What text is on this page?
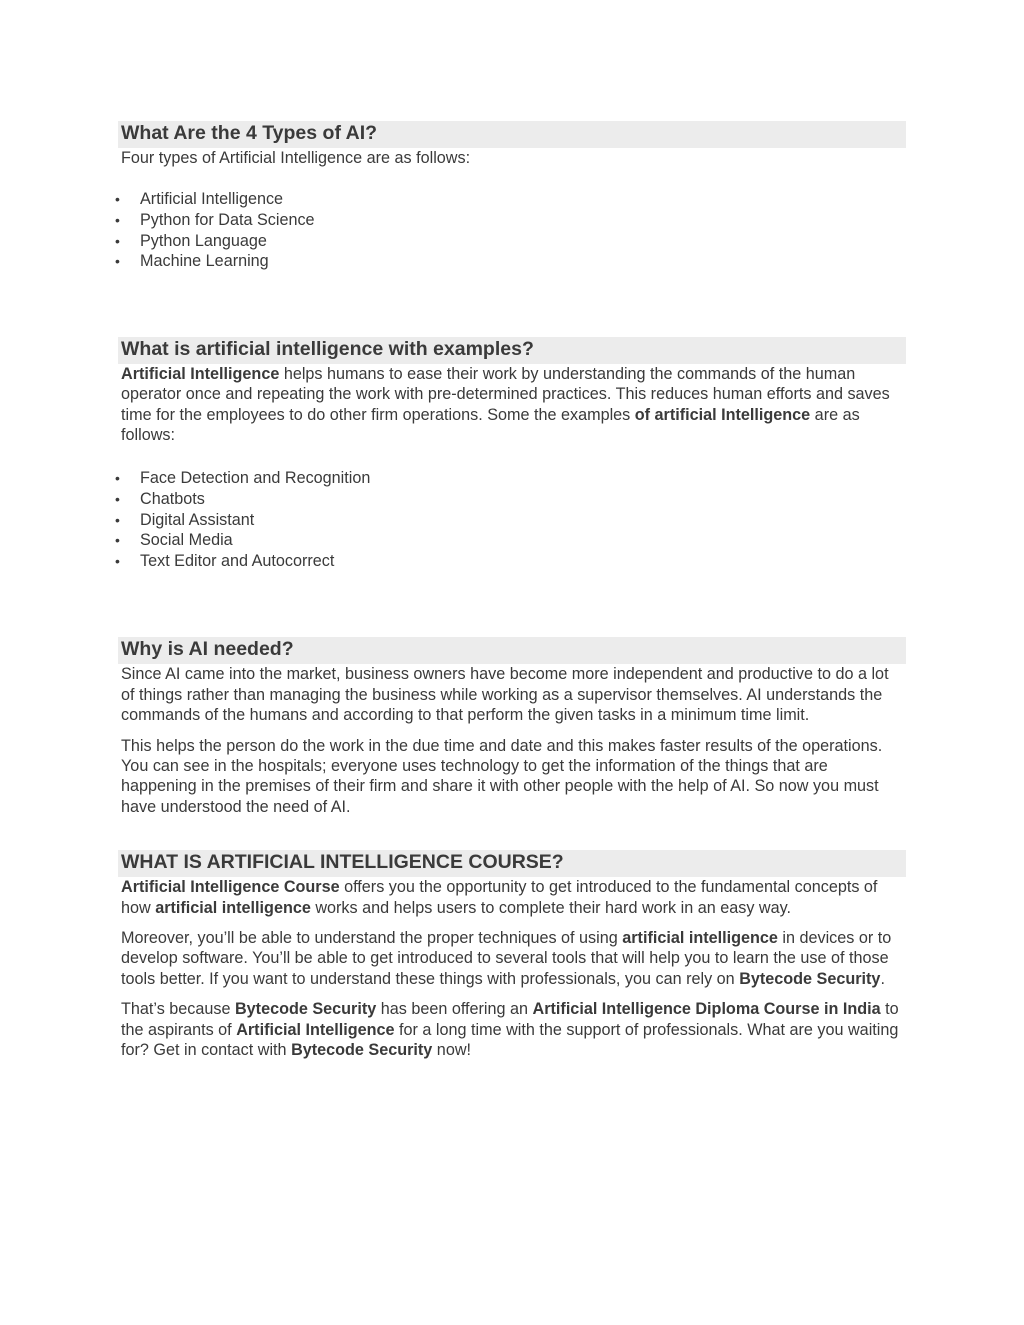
What Are the 4 Types of AI?

Four types of Artificial Intelligence are as follows:

• Artificial Intelligence
• Python for Data Science
• Python Language
• Machine Learning
What is artificial intelligence with examples?

Artificial Intelligence helps humans to ease their work by understanding the commands of the human operator once and repeating the work with pre-determined practices. This reduces human efforts and saves time for the employees to do other firm operations. Some the examples of artificial Intelligence are as follows:

• Face Detection and Recognition
• Chatbots
• Digital Assistant
• Social Media
• Text Editor and Autocorrect
Why is AI needed?

Since AI came into the market, business owners have become more independent and productive to do a lot of things rather than managing the business while working as a supervisor themselves. AI understands the commands of the humans and according to that perform the given tasks in a minimum time limit.

This helps the person do the work in the due time and date and this makes faster results of the operations. You can see in the hospitals; everyone uses technology to get the information of the things that are happening in the premises of their firm and share it with other people with the help of AI. So now you must have understood the need of AI.

WHAT IS ARTIFICIAL INTELLIGENCE COURSE?

Artificial Intelligence Course offers you the opportunity to get introduced to the fundamental concepts of how artificial intelligence works and helps users to complete their hard work in an easy way.

Moreover, you’ll be able to understand the proper techniques of using artificial intelligence in devices or to develop software. You’ll be able to get introduced to several tools that will help you to learn the use of those tools better. If you want to understand these things with professionals, you can rely on Bytecode Security.

That’s because Bytecode Security has been offering an Artificial Intelligence Diploma Course in India to the aspirants of Artificial Intelligence for a long time with the support of professionals. What are you waiting for? Get in contact with Bytecode Security now!
